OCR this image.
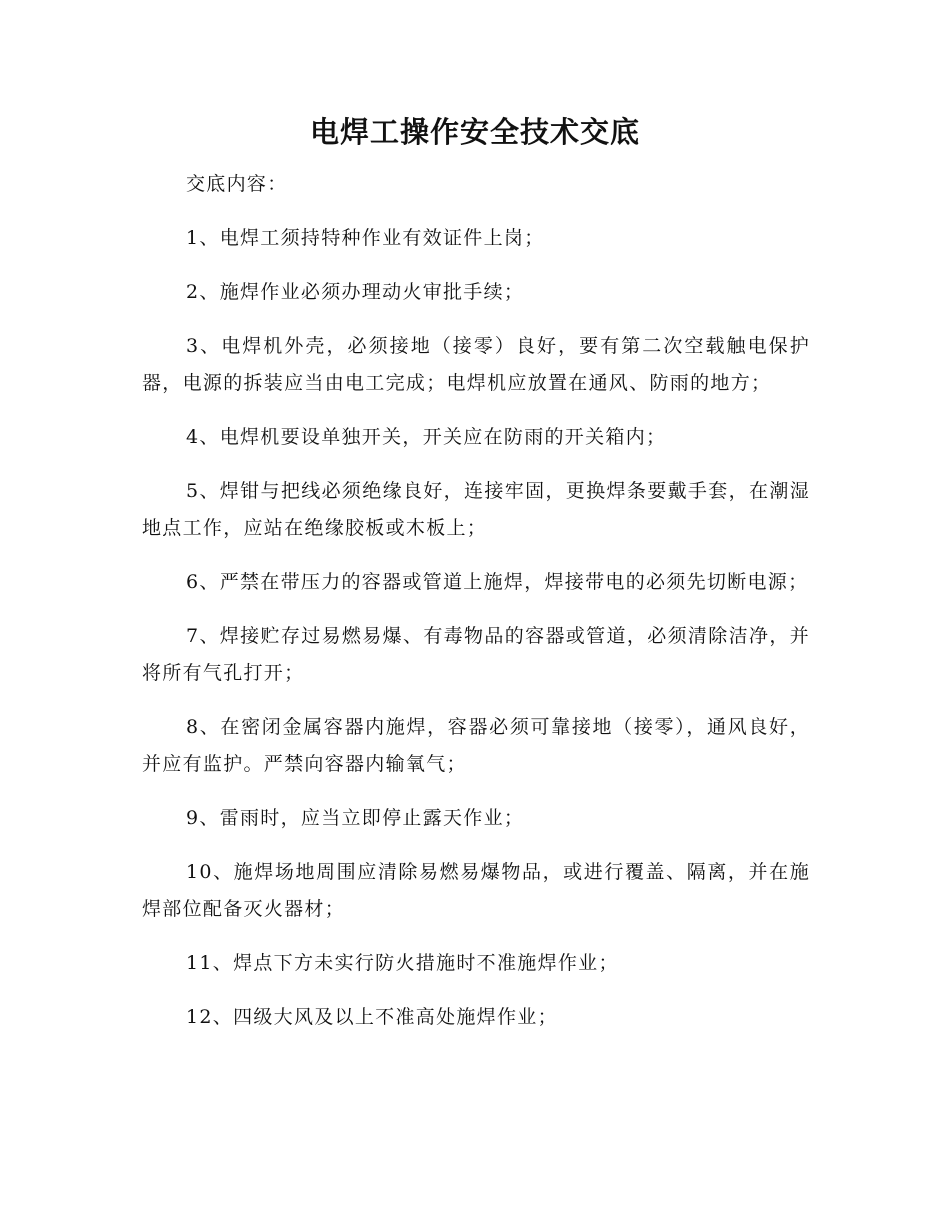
电焊工操作安全技术交底

交底内容：

1、电焊工须持特种作业有效证件上岗；

2、施焊作业必须办理动火审批手续；

3、电焊机外壳，必须接地（接零）良好，要有第二次空载触电保护器，电源的拆装应当由电工完成；电焊机应放置在通风、防雨的地方；

4、电焊机要设单独开关，开关应在防雨的开关箱内；

5、焊钳与把线必须绝缘良好，连接牢固，更换焊条要戴手套，在潮湿地点工作，应站在绝缘胶板或木板上；

6、严禁在带压力的容器或管道上施焊，焊接带电的必须先切断电源；

7、焊接贮存过易燃易爆、有毒物品的容器或管道，必须清除洁净，并将所有气孔打开；

8、在密闭金属容器内施焊，容器必须可靠接地（接零），通风良好，并应有监护。严禁向容器内输氧气；

9、雷雨时，应当立即停止露天作业；

10、施焊场地周围应清除易燃易爆物品，或进行覆盖、隔离，并在施焊部位配备灭火器材；

11、焊点下方未实行防火措施时不准施焊作业；

12、四级大风及以上不准高处施焊作业；
